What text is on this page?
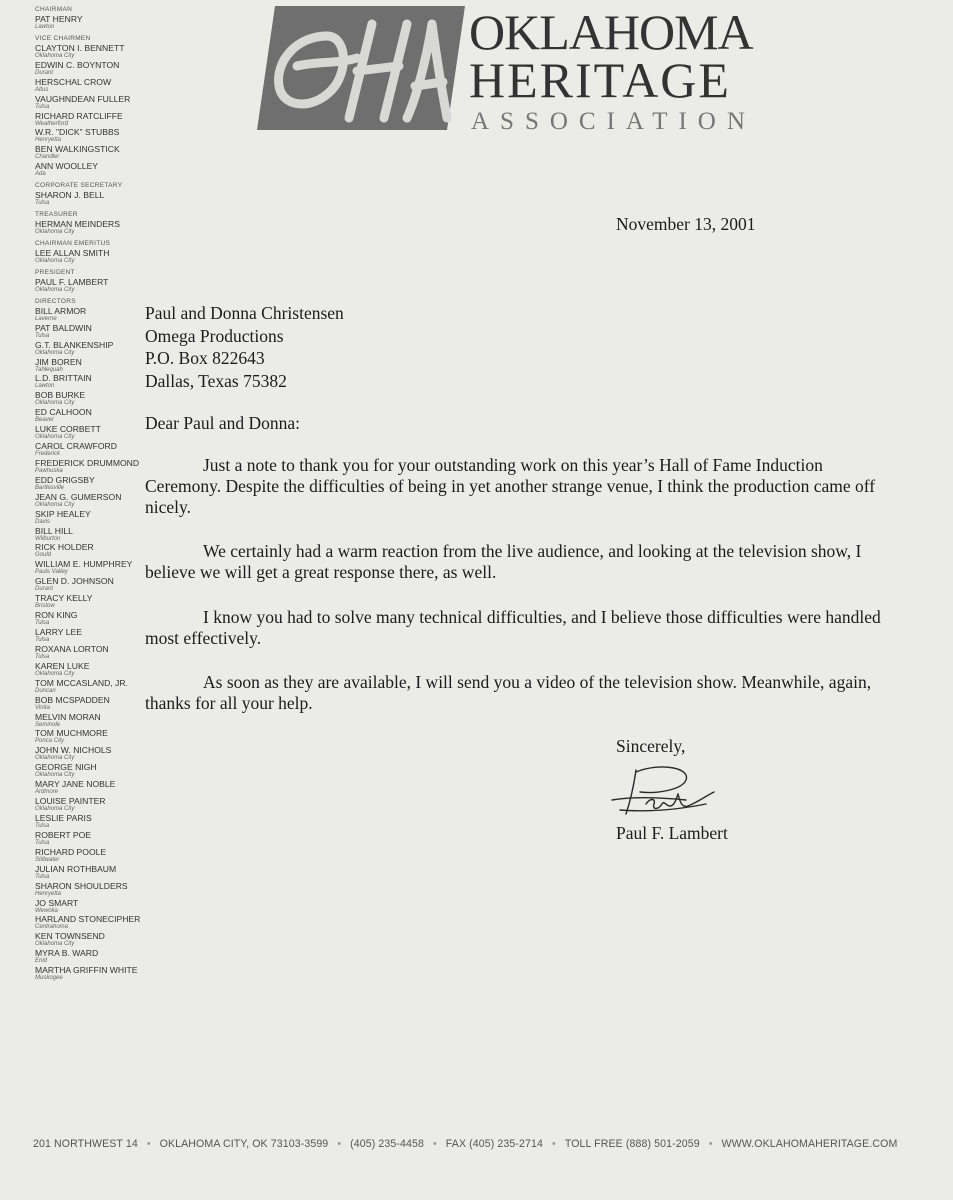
CHAIRMAN
PAT HENRY
Lawton
VICE CHAIRMEN
CLAYTON I. BENNETT
Oklahoma City
EDWIN C. BOYNTON
Durant
HERSCHAL CROW
Altus
VAUGHNDEAN FULLER
Tulsa
RICHARD RATCLIFFE
Weatherford
W.R. "DICK" STUBBS
Henryetta
BEN WALKINGSTICK
Chandler
ANN WOOLLEY
Ada
CORPORATE SECRETARY
SHARON J. BELL
Tulsa
TREASURER
HERMAN MEINDERS
Oklahoma City
CHAIRMAN EMERITUS
LEE ALLAN SMITH
Oklahoma City
PRESIDENT
PAUL F. LAMBERT
Oklahoma City
DIRECTORS
BILL ARMOR
Laverne
PAT BALDWIN
Tulsa
G.T. BLANKENSHIP
Oklahoma City
JIM BOREN
Tahlequah
L.D. BRITTAIN
Lawton
BOB BURKE
Oklahoma City
ED CALHOON
Beaver
LUKE CORBETT
Oklahoma City
CAROL CRAWFORD
Frederick
FREDERICK DRUMMOND
Pawhuska
EDD GRIGSBY
Bartlesville
JEAN G. GUMERSON
Oklahoma City
SKIP HEALEY
Davis
BILL HILL
Wilburton
RICK HOLDER
Gould
WILLIAM E. HUMPHREY
Pauls Valley
GLEN D. JOHNSON
Durant
TRACY KELLY
Bristow
RON KING
Tulsa
LARRY LEE
Tulsa
ROXANA LORTON
Tulsa
KAREN LUKE
Oklahoma City
TOM MCCASLAND, JR.
Duncan
BOB MCSPADDEN
Vinita
MELVIN MORAN
Seminole
TOM MUCHMORE
Ponca City
JOHN W. NICHOLS
Oklahoma City
GEORGE NIGH
Oklahoma City
MARY JANE NOBLE
Ardmore
LOUISE PAINTER
Oklahoma City
LESLIE PARIS
Tulsa
ROBERT POE
Tulsa
RICHARD POOLE
Stillwater
JULIAN ROTHBAUM
Tulsa
SHARON SHOULDERS
Henryetta
JO SMART
Wewoka
HARLAND STONECIPHER
Centrahoma
KEN TOWNSEND
Oklahoma City
MYRA B. WARD
Enid
MARTHA GRIFFIN WHITE
Muskogee
OKLAHOMA
HERITAGE
ASSOCIATION
November 13, 2001
Paul and Donna Christensen
Omega Productions
P.O. Box 822643
Dallas, Texas 75382
Dear Paul and Donna:
Just a note to thank you for your outstanding work on this year’s Hall of Fame Induction Ceremony. Despite the difficulties of being in yet another strange venue, I think the production came off nicely.
We certainly had a warm reaction from the live audience, and looking at the television show, I believe we will get a great response there, as well.
I know you had to solve many technical difficulties, and I believe those difficulties were handled most effectively.
As soon as they are available, I will send you a video of the television show. Meanwhile, again, thanks for all your help.
Sincerely,
Paul F. Lambert
201 NORTHWEST 14 • OKLAHOMA CITY, OK 73103-3599 • (405) 235-4458 • FAX (405) 235-2714 • TOLL FREE (888) 501-2059 • WWW.OKLAHOMAHERITAGE.COM
